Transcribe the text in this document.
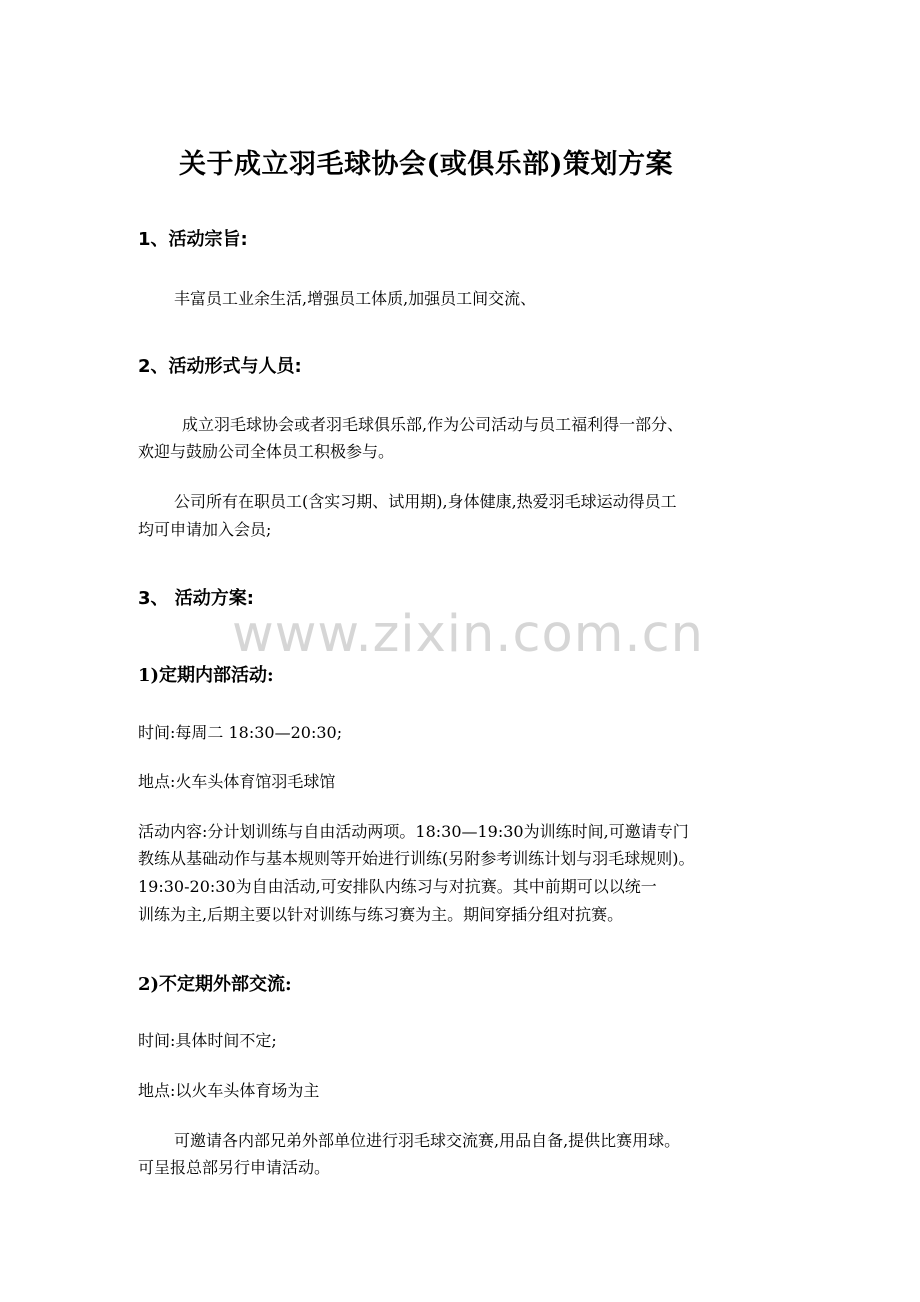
关于成立羽毛球协会(或俱乐部)策划方案
1、活动宗旨:
丰富员工业余生活,增强员工体质,加强员工间交流、
2、活动形式与人员:
成立羽毛球协会或者羽毛球俱乐部,作为公司活动与员工福利得一部分、
欢迎与鼓励公司全体员工积极参与。
公司所有在职员工(含实习期、试用期),身体健康,热爱羽毛球运动得员工
均可申请加入会员;
3、 活动方案:
www.zixin.com.cn
1)定期内部活动:
时间:每周二 18:30—20:30;
地点:火车头体育馆羽毛球馆
活动内容:分计划训练与自由活动两项。18:30—19:30为训练时间,可邀请专门
教练从基础动作与基本规则等开始进行训练(另附参考训练计划与羽毛球规则)。
19:30-20:30为自由活动,可安排队内练习与对抗赛。其中前期可以以统一
训练为主,后期主要以针对训练与练习赛为主。期间穿插分组对抗赛。
2)不定期外部交流:
时间:具体时间不定;
地点:以火车头体育场为主
可邀请各内部兄弟外部单位进行羽毛球交流赛,用品自备,提供比赛用球。
可呈报总部另行申请活动。
